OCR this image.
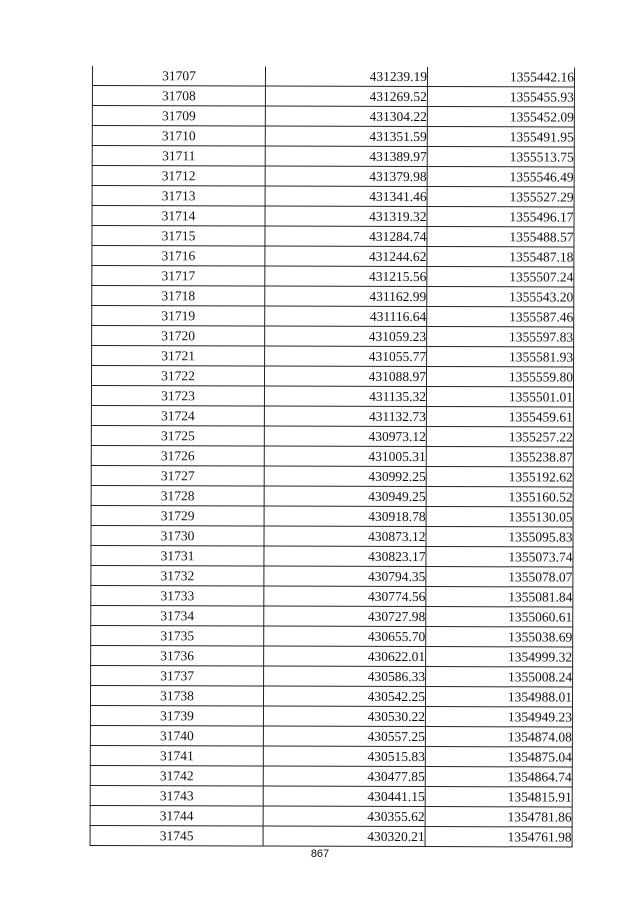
31707	431239.19	1355442.16
31708	431269.52	1355455.93
31709	431304.22	1355452.09
31710	431351.59	1355491.95
31711	431389.97	1355513.75
31712	431379.98	1355546.49
31713	431341.46	1355527.29
31714	431319.32	1355496.17
31715	431284.74	1355488.57
31716	431244.62	1355487.18
31717	431215.56	1355507.24
31718	431162.99	1355543.20
31719	431116.64	1355587.46
31720	431059.23	1355597.83
31721	431055.77	1355581.93
31722	431088.97	1355559.80
31723	431135.32	1355501.01
31724	431132.73	1355459.61
31725	430973.12	1355257.22
31726	431005.31	1355238.87
31727	430992.25	1355192.62
31728	430949.25	1355160.52
31729	430918.78	1355130.05
31730	430873.12	1355095.83
31731	430823.17	1355073.74
31732	430794.35	1355078.07
31733	430774.56	1355081.84
31734	430727.98	1355060.61
31735	430655.70	1355038.69
31736	430622.01	1354999.32
31737	430586.33	1355008.24
31738	430542.25	1354988.01
31739	430530.22	1354949.23
31740	430557.25	1354874.08
31741	430515.83	1354875.04
31742	430477.85	1354864.74
31743	430441.15	1354815.91
31744	430355.62	1354781.86
31745	430320.21	1354761.98
867
